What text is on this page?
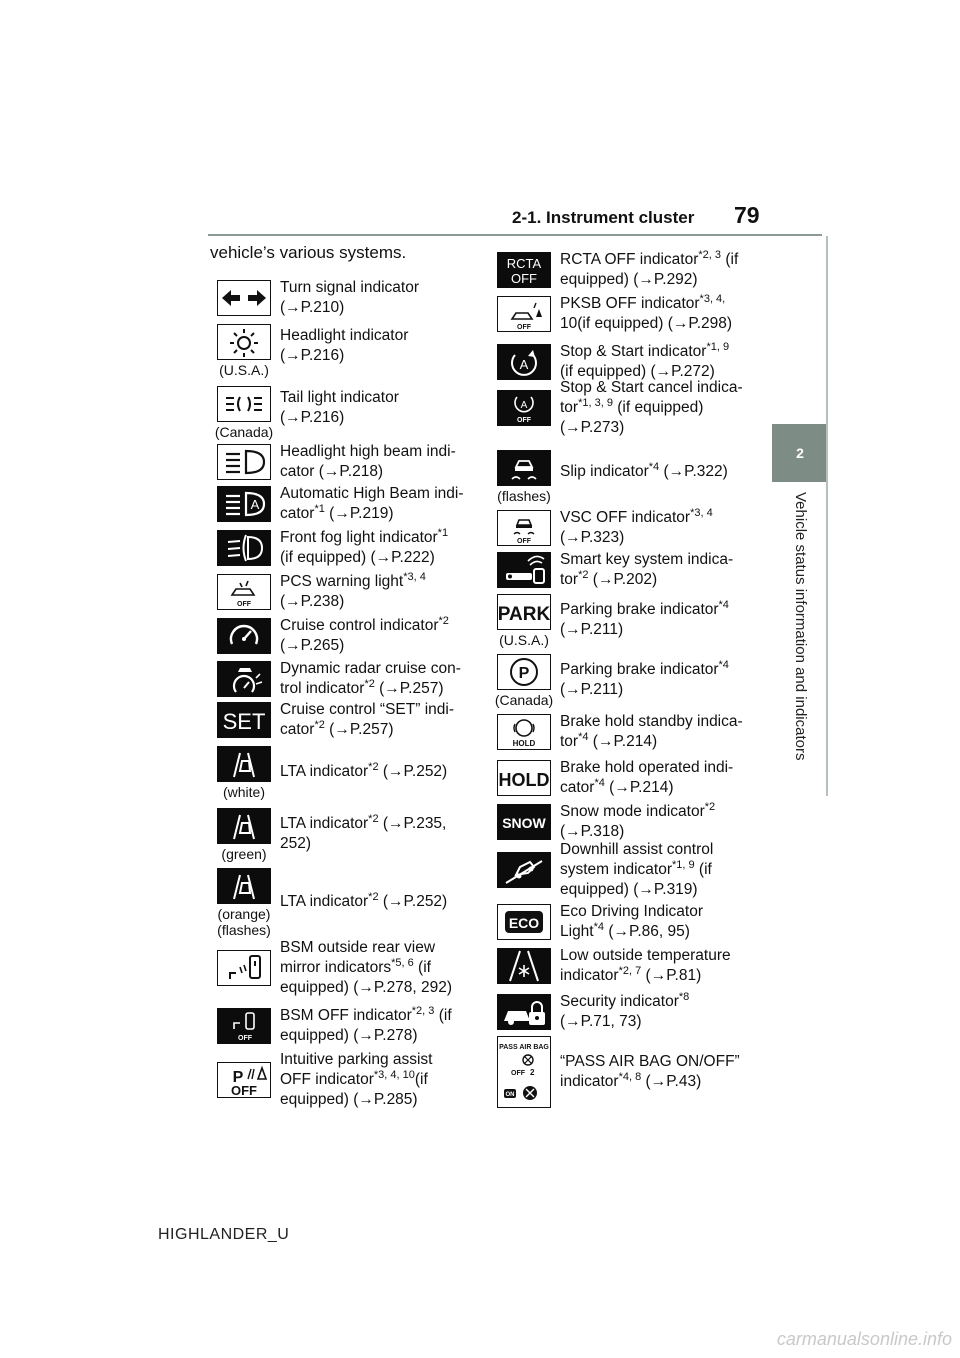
2-1. Instrument cluster 79
2
Vehicle status information and indicators
vehicle’s various systems.
Turn signal indicator
(→P.210)
(U.S.A.)
Headlight indicator
(→P.216)
(Canada)
Tail light indicator
(→P.216)
Headlight high beam indi-
cator (→P.218)
A
Automatic High Beam indi-
cator$^{*1}$ (→P.219)
Front fog light indicator$^{*1}$
(if equipped) (→P.222)
OFF
PCS warning light$^{*3, 4}$
(→P.238)
Cruise control indicator$^{*2}$
(→P.265)
Dynamic radar cruise con-
trol indicator$^{*2}$ (→P.257)
SET Cruise control “SET” indi-
cator$^{*2}$ (→P.257)
(white)
LTA indicator$^{*2}$ (→P.252)
(green)
LTA indicator$^{*2}$ (→P.235,
252)
(orange)
(flashes)
LTA indicator$^{*2}$ (→P.252)
BSM outside rear view
mirror indicators$^{*5, 6}$ (if
equipped) (→P.278, 292)
OFF
BSM OFF indicator$^{*2, 3}$ (if
equipped) (→P.278)
P
OFF
Intuitive parking assist
OFF indicator$^{*3, 4, 10}$(if
equipped) (→P.285)
RCTA
OFF
RCTA OFF indicator$^{*2, 3}$ (if
equipped) (→P.292)
OFF
PKSB OFF indicator$^{*3, 4,}$
10(if equipped) (→P.298)
A
Stop & Start indicator$^{*1, 9}$
(if equipped) (→P.272)
A
OFF
Stop & Start cancel indica-
tor$^{*1, 3, 9}$ (if equipped)
(→P.273)
(flashes)
Slip indicator$^{*4}$ (→P.322)
OFF
VSC OFF indicator$^{*3, 4}$
(→P.323)
Smart key system indica-
tor$^{*2}$ (→P.202)
PARK
(U.S.A.)
Parking brake indicator$^{*4}$
(→P.211)
P
(Canada)
Parking brake indicator$^{*4}$
(→P.211)
HOLD
Brake hold standby indica-
tor$^{*4}$ (→P.214)
HOLD
Brake hold operated indi-
cator$^{*4}$ (→P.214)
SNOW
Snow mode indicator$^{*2}$
(→P.318)
Downhill assist control
system indicator$^{*1, 9}$ (if
equipped) (→P.319)
ECO
Eco Driving Indicator
Light$^{*4}$ (→P.86, 95)
Low outside temperature
indicator$^{*2, 7}$ (→P.81)
Security indicator$^{*8}$
(→P.71, 73)
PASS AIR BAG
OFF 2
ON
“PASS AIR BAG ON/OFF”
indicator$^{*4, 8}$ (→P.43)
HIGHLANDER_U
carmanualsonline.info
